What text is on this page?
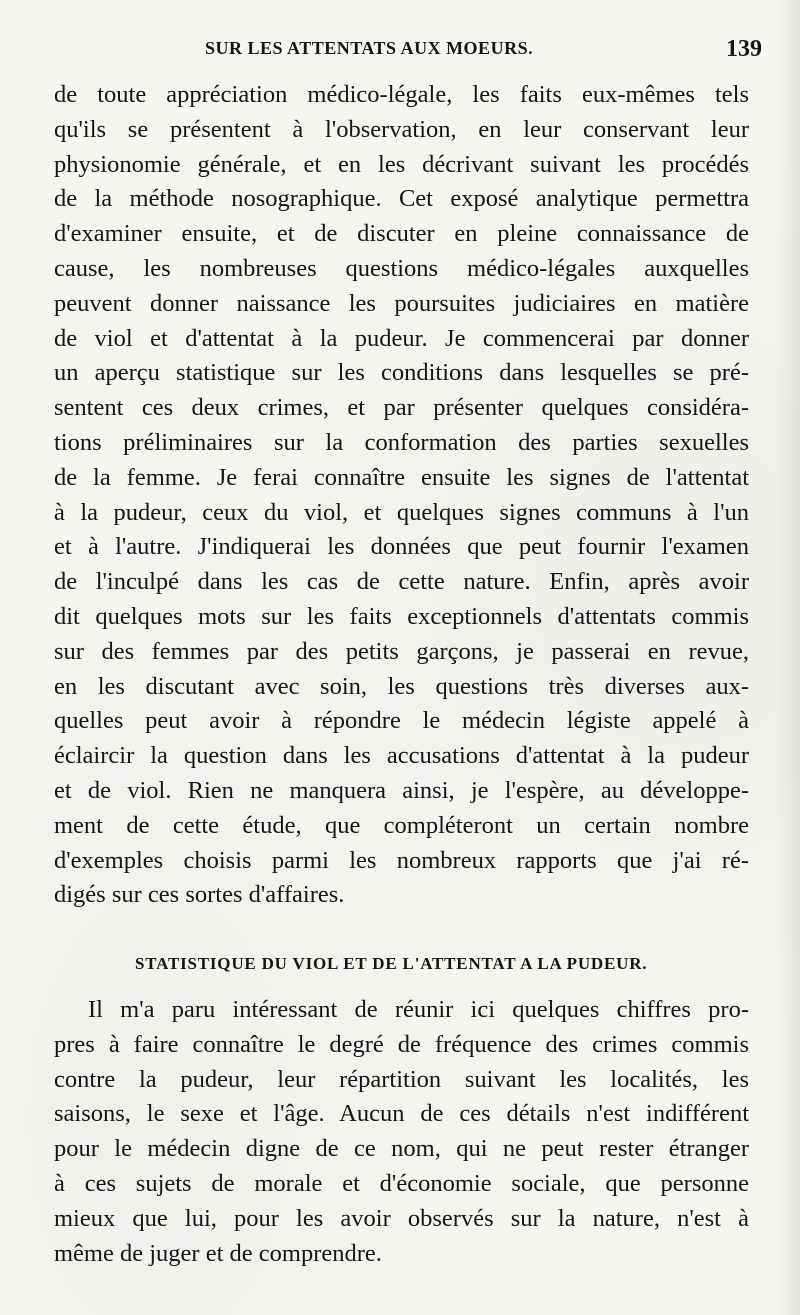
SUR LES ATTENTATS AUX MOEURS.	139
de toute appréciation médico-légale, les faits eux-mêmes tels
qu'ils se présentent à l'observation, en leur conservant leur
physionomie générale, et en les décrivant suivant les procédés
de la méthode nosographique. Cet exposé analytique permettra
d'examiner ensuite, et de discuter en pleine connaissance de
cause, les nombreuses questions médico-légales auxquelles
peuvent donner naissance les poursuites judiciaires en matière
de viol et d'attentat à la pudeur. Je commencerai par donner
un aperçu statistique sur les conditions dans lesquelles se pré-
sentent ces deux crimes, et par présenter quelques considéra-
tions préliminaires sur la conformation des parties sexuelles
de la femme. Je ferai connaître ensuite les signes de l'attentat
à la pudeur, ceux du viol, et quelques signes communs à l'un
et à l'autre. J'indiquerai les données que peut fournir l'examen
de l'inculpé dans les cas de cette nature. Enfin, après avoir
dit quelques mots sur les faits exceptionnels d'attentats commis
sur des femmes par des petits garçons, je passerai en revue,
en les discutant avec soin, les questions très diverses aux-
quelles peut avoir à répondre le médecin légiste appelé à
éclaircir la question dans les accusations d'attentat à la pudeur
et de viol. Rien ne manquera ainsi, je l'espère, au développe-
ment de cette étude, que compléteront un certain nombre
d'exemples choisis parmi les nombreux rapports que j'ai ré-
digés sur ces sortes d'affaires.
STATISTIQUE DU VIOL ET DE L'ATTENTAT A LA PUDEUR.
Il m'a paru intéressant de réunir ici quelques chiffres pro-
pres à faire connaître le degré de fréquence des crimes commis
contre la pudeur, leur répartition suivant les localités, les
saisons, le sexe et l'âge. Aucun de ces détails n'est indifférent
pour le médecin digne de ce nom, qui ne peut rester étranger
à ces sujets de morale et d'économie sociale, que personne
mieux que lui, pour les avoir observés sur la nature, n'est à
même de juger et de comprendre.
